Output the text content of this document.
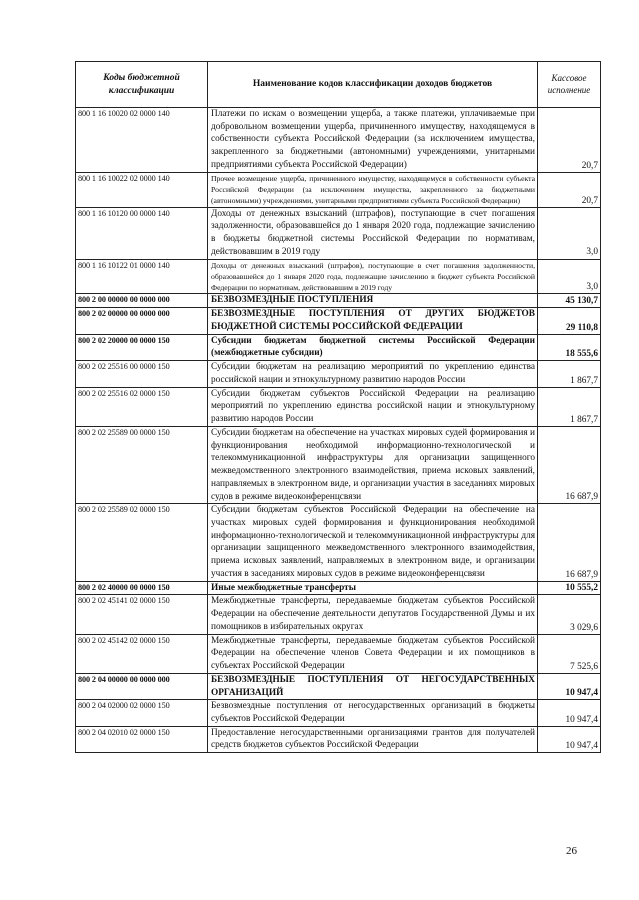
Коды бюджетной классификации	Наименование кодов классификации доходов бюджетов	Кассовое исполнение
800 1 16 10020 02 0000 140	Платежи по искам о возмещении ущерба, а также платежи, уплачиваемые при добровольном возмещении ущерба, причиненного имуществу, находящемуся в собственности субъекта Российской Федерации (за исключением имущества, закрепленного за бюджетными (автономными) учреждениями, унитарными предприятиями субъекта Российской Федерации)	20,7
800 1 16 10022 02 0000 140	Прочее возмещение ущерба, причиненного имуществу, находящемуся в собственности субъекта Российской Федерации (за исключением имущества, закрепленного за бюджетными (автономными) учреждениями, унитарными предприятиями субъекта Российской Федерации)	20,7
800 1 16 10120 00 0000 140	Доходы от денежных взысканий (штрафов), поступающие в счет погашения задолженности, образовавшейся до 1 января 2020 года, подлежащие зачислению в бюджеты бюджетной системы Российской Федерации по нормативам, действовавшим в 2019 году	3,0
800 1 16 10122 01 0000 140	Доходы от денежных взысканий (штрафов), поступающие в счет погашения задолженности, образовавшейся до 1 января 2020 года, подлежащие зачислению в бюджет субъекта Российской Федерации по нормативам, действовавшим в 2019 году	3,0
800 2 00 00000 00 0000 000	БЕЗВОЗМЕЗДНЫЕ ПОСТУПЛЕНИЯ	45 130,7
800 2 02 00000 00 0000 000	БЕЗВОЗМЕЗДНЫЕ ПОСТУПЛЕНИЯ ОТ ДРУГИХ БЮДЖЕТОВ БЮДЖЕТНОЙ СИСТЕМЫ РОССИЙСКОЙ ФЕДЕРАЦИИ	29 110,8
800 2 02 20000 00 0000 150	Субсидии бюджетам бюджетной системы Российской Федерации (межбюджетные субсидии)	18 555,6
800 2 02 25516 00 0000 150	Субсидии бюджетам на реализацию мероприятий по укреплению единства российской нации и этнокультурному развитию народов России	1 867,7
800 2 02 25516 02 0000 150	Субсидии бюджетам субъектов Российской Федерации на реализацию мероприятий по укреплению единства российской нации и этнокультурному развитию народов России	1 867,7
800 2 02 25589 00 0000 150	Субсидии бюджетам на обеспечение на участках мировых судей формирования и функционирования необходимой информационно-технологической и телекоммуникационной инфраструктуры для организации защищенного межведомственного электронного взаимодействия, приема исковых заявлений, направляемых в электронном виде, и организации участия в заседаниях мировых судов в режиме видеоконференцсвязи	16 687,9
800 2 02 25589 02 0000 150	Субсидии бюджетам субъектов Российской Федерации на обеспечение на участках мировых судей формирования и функционирования необходимой информационно-технологической и телекоммуникационной инфраструктуры для организации защищенного межведомственного электронного взаимодействия, приема исковых заявлений, направляемых в электронном виде, и организации участия в заседаниях мировых судов в режиме видеоконференцсвязи	16 687,9
800 2 02 40000 00 0000 150	Иные межбюджетные трансферты	10 555,2
800 2 02 45141 02 0000 150	Межбюджетные трансферты, передаваемые бюджетам субъектов Российской Федерации на обеспечение деятельности депутатов Государственной Думы и их помощников в избирательных округах	3 029,6
800 2 02 45142 02 0000 150	Межбюджетные трансферты, передаваемые бюджетам субъектов Российской Федерации на обеспечение членов Совета Федерации и их помощников в субъектах Российской Федерации	7 525,6
800 2 04 00000 00 0000 000	БЕЗВОЗМЕЗДНЫЕ ПОСТУПЛЕНИЯ ОТ НЕГОСУДАРСТВЕННЫХ ОРГАНИЗАЦИЙ	10 947,4
800 2 04 02000 02 0000 150	Безвозмездные поступления от негосударственных организаций в бюджеты субъектов Российской Федерации	10 947,4
800 2 04 02010 02 0000 150	Предоставление негосударственными организациями грантов для получателей средств бюджетов субъектов Российской Федерации	10 947,4
26
